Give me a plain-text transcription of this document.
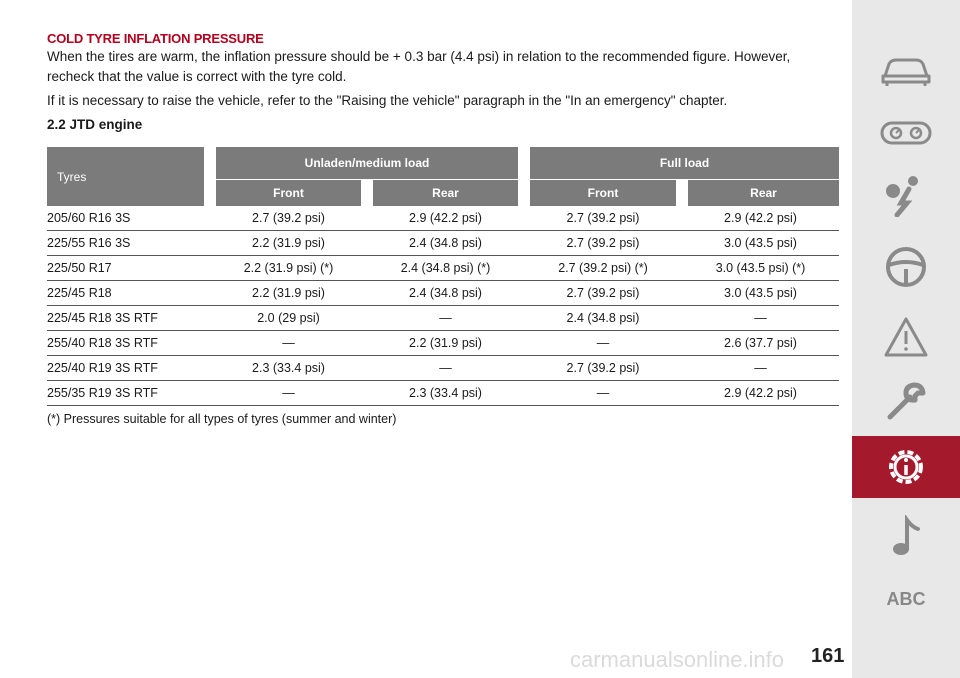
COLD TYRE INFLATION PRESSURE

When the tires are warm, the inflation pressure should be + 0.3 bar (4.4 psi) in relation to the recommended figure. However, recheck that the value is correct with the tyre cold.

If it is necessary to raise the vehicle, refer to the "Raising the vehicle" paragraph in the "In an emergency" chapter.

2.2 JTD engine
Tyres	Unladen/medium load		Full load	
	Front	Rear	Front	Rear
205/60 R16 3S	2.7 (39.2 psi)	2.9 (42.2 psi)	2.7 (39.2 psi)	2.9 (42.2 psi)
225/55 R16 3S	2.2 (31.9 psi)	2.4 (34.8 psi)	2.7 (39.2 psi)	3.0 (43.5 psi)
225/50 R17	2.2 (31.9 psi) (*)	2.4 (34.8 psi) (*)	2.7 (39.2 psi) (*)	3.0 (43.5 psi) (*)
225/45 R18	2.2 (31.9 psi)	2.4 (34.8 psi)	2.7 (39.2 psi)	3.0 (43.5 psi)
225/45 R18 3S RTF	2.0 (29 psi)	—	2.4 (34.8 psi)	—
255/40 R18 3S RTF	—	2.2 (31.9 psi)	—	2.6 (37.7 psi)
225/40 R19 3S RTF	2.3 (33.4 psi)	—	2.7 (39.2 psi)	—
255/35 R19 3S RTF	—	2.3 (33.4 psi)	—	2.9 (42.2 psi)
(*) Pressures suitable for all types of tyres (summer and winter)
ABC
carmanualsonline.info 161
